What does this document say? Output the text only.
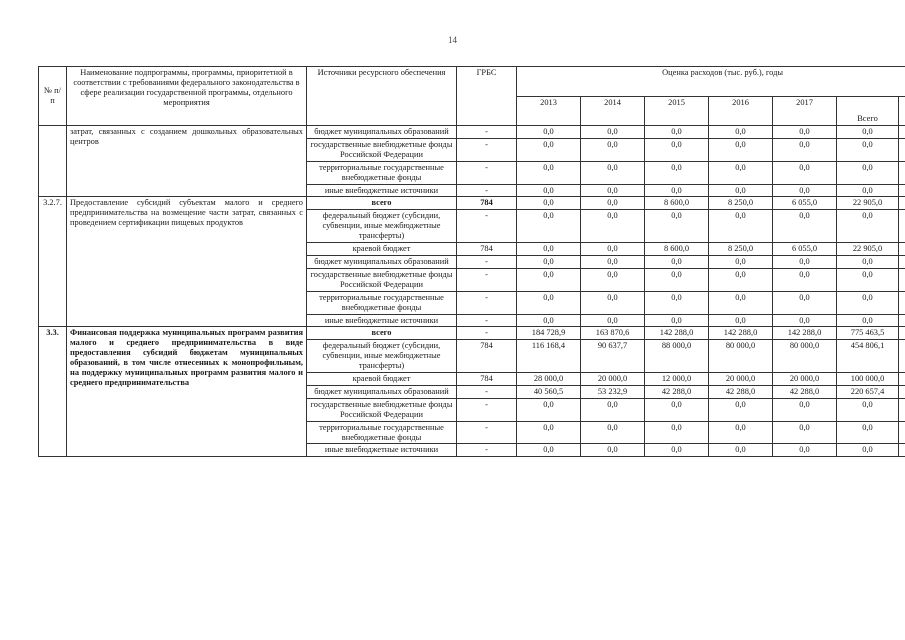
14
№ п/п	Наименование подпрограммы, программы, приоритетной в соответствии с требованиями федерального законодательства в сфере реализации государственной программы, отдельного мероприятия	Источники ресурсного обеспечения	ГРБС	Оценка расходов (тыс. руб.), годы						
				2013	2014	2015	2016	2017	Всего	
	затрат, связанных с созданием дошкольных образовательных центров	бюджет муниципальных образований	-	0,0	0,0	0,0	0,0	0,0	0,0	
		государственные внебюджетные фонды Российской Федерации	-	0,0	0,0	0,0	0,0	0,0	0,0	
		территориальные государственные внебюджетные фонды	-	0,0	0,0	0,0	0,0	0,0	0,0	
		иные внебюджетные источники	-	0,0	0,0	0,0	0,0	0,0	0,0	
3.2.7.	Предоставление субсидий субъектам малого и среднего предпринимательства на возмещение части затрат, связанных с проведением сертификации пищевых продуктов	всего	784	0,0	0,0	8 600,0	8 250,0	6 055,0	22 905,0	
		федеральный бюджет (субсидии, субвенции, иные межбюджетные трансферты)	-	0,0	0,0	0,0	0,0	0,0	0,0	
		краевой бюджет	784	0,0	0,0	8 600,0	8 250,0	6 055,0	22 905,0	
		бюджет муниципальных образований	-	0,0	0,0	0,0	0,0	0,0	0,0	
		государственные внебюджетные фонды Российской Федерации	-	0,0	0,0	0,0	0,0	0,0	0,0	
		территориальные государственные внебюджетные фонды	-	0,0	0,0	0,0	0,0	0,0	0,0	
		иные внебюджетные источники	-	0,0	0,0	0,0	0,0	0,0	0,0	
3.3.	Финансовая поддержка муниципальных программ развития малого и среднего предпринимательства в виде предоставления субсидий бюджетам муниципальных образований, в том числе отнесенных к монопрофильным, на поддержку муниципальных программ развития малого и среднего предпринимательства	всего	-	184 728,9	163 870,6	142 288,0	142 288,0	142 288,0	775 463,5	
		федеральный бюджет (субсидии, субвенции, иные межбюджетные трансферты)	784	116 168,4	90 637,7	88 000,0	80 000,0	80 000,0	454 806,1	
		краевой бюджет	784	28 000,0	20 000,0	12 000,0	20 000,0	20 000,0	100 000,0	
		бюджет муниципальных образований	-	40 560,5	53 232,9	42 288,0	42 288,0	42 288,0	220 657,4	
		государственные внебюджетные фонды Российской Федерации	-	0,0	0,0	0,0	0,0	0,0	0,0	
		территориальные государственные внебюджетные фонды	-	0,0	0,0	0,0	0,0	0,0	0,0	
		иные внебюджетные источники	-	0,0	0,0	0,0	0,0	0,0	0,0	
